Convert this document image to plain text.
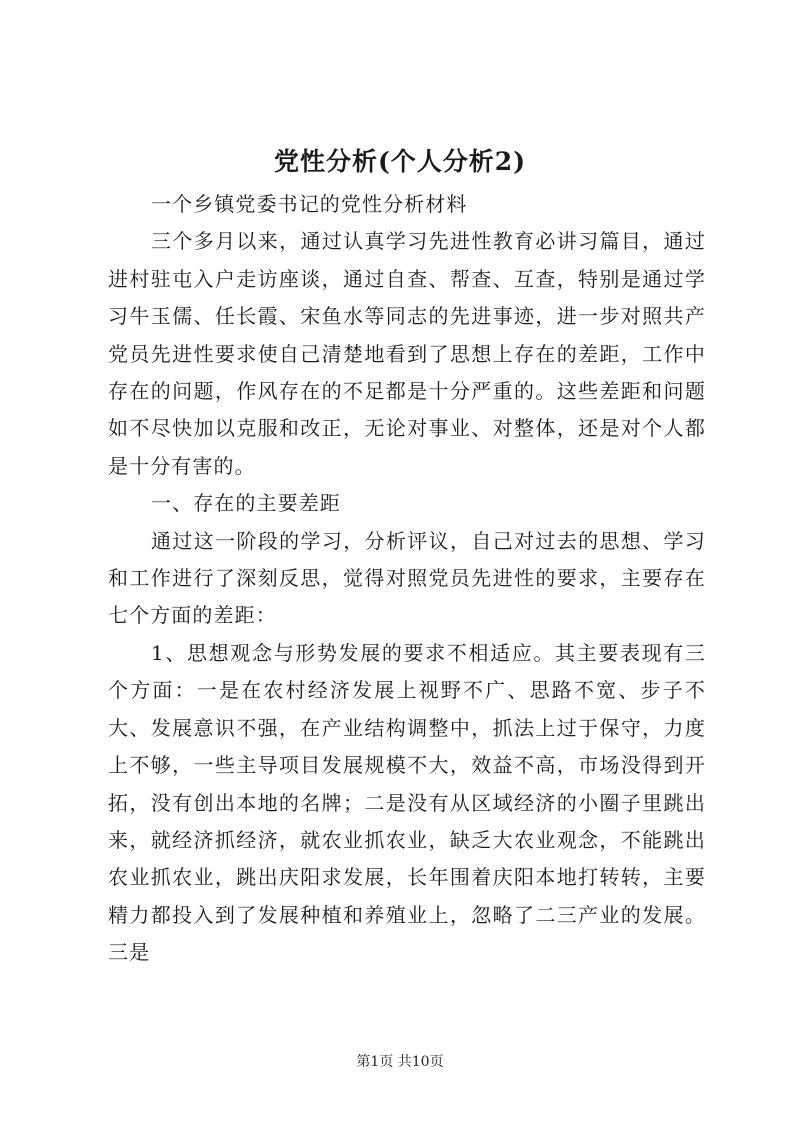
党性分析(个人分析2)

一个乡镇党委书记的党性分析材料

三个多月以来，通过认真学习先进性教育必讲习篇目，通过进村驻屯入户走访座谈，通过自查、帮查、互查，特别是通过学习牛玉儒、任长霞、宋鱼水等同志的先进事迹，进一步对照共产党员先进性要求使自己清楚地看到了思想上存在的差距，工作中存在的问题，作风存在的不足都是十分严重的。这些差距和问题如不尽快加以克服和改正，无论对事业、对整体，还是对个人都是十分有害的。

一、存在的主要差距

通过这一阶段的学习，分析评议，自己对过去的思想、学习和工作进行了深刻反思，觉得对照党员先进性的要求，主要存在七个方面的差距：

1、思想观念与形势发展的要求不相适应。其主要表现有三个方面：一是在农村经济发展上视野不广、思路不宽、步子不大、发展意识不强，在产业结构调整中，抓法上过于保守，力度上不够，一些主导项目发展规模不大，效益不高，市场没得到开拓，没有创出本地的名牌；二是没有从区域经济的小圈子里跳出来，就经济抓经济，就农业抓农业，缺乏大农业观念，不能跳出农业抓农业，跳出庆阳求发展，长年围着庆阳本地打转转，主要精力都投入到了发展种植和养殖业上，忽略了二三产业的发展。三是

第1页 共10页
